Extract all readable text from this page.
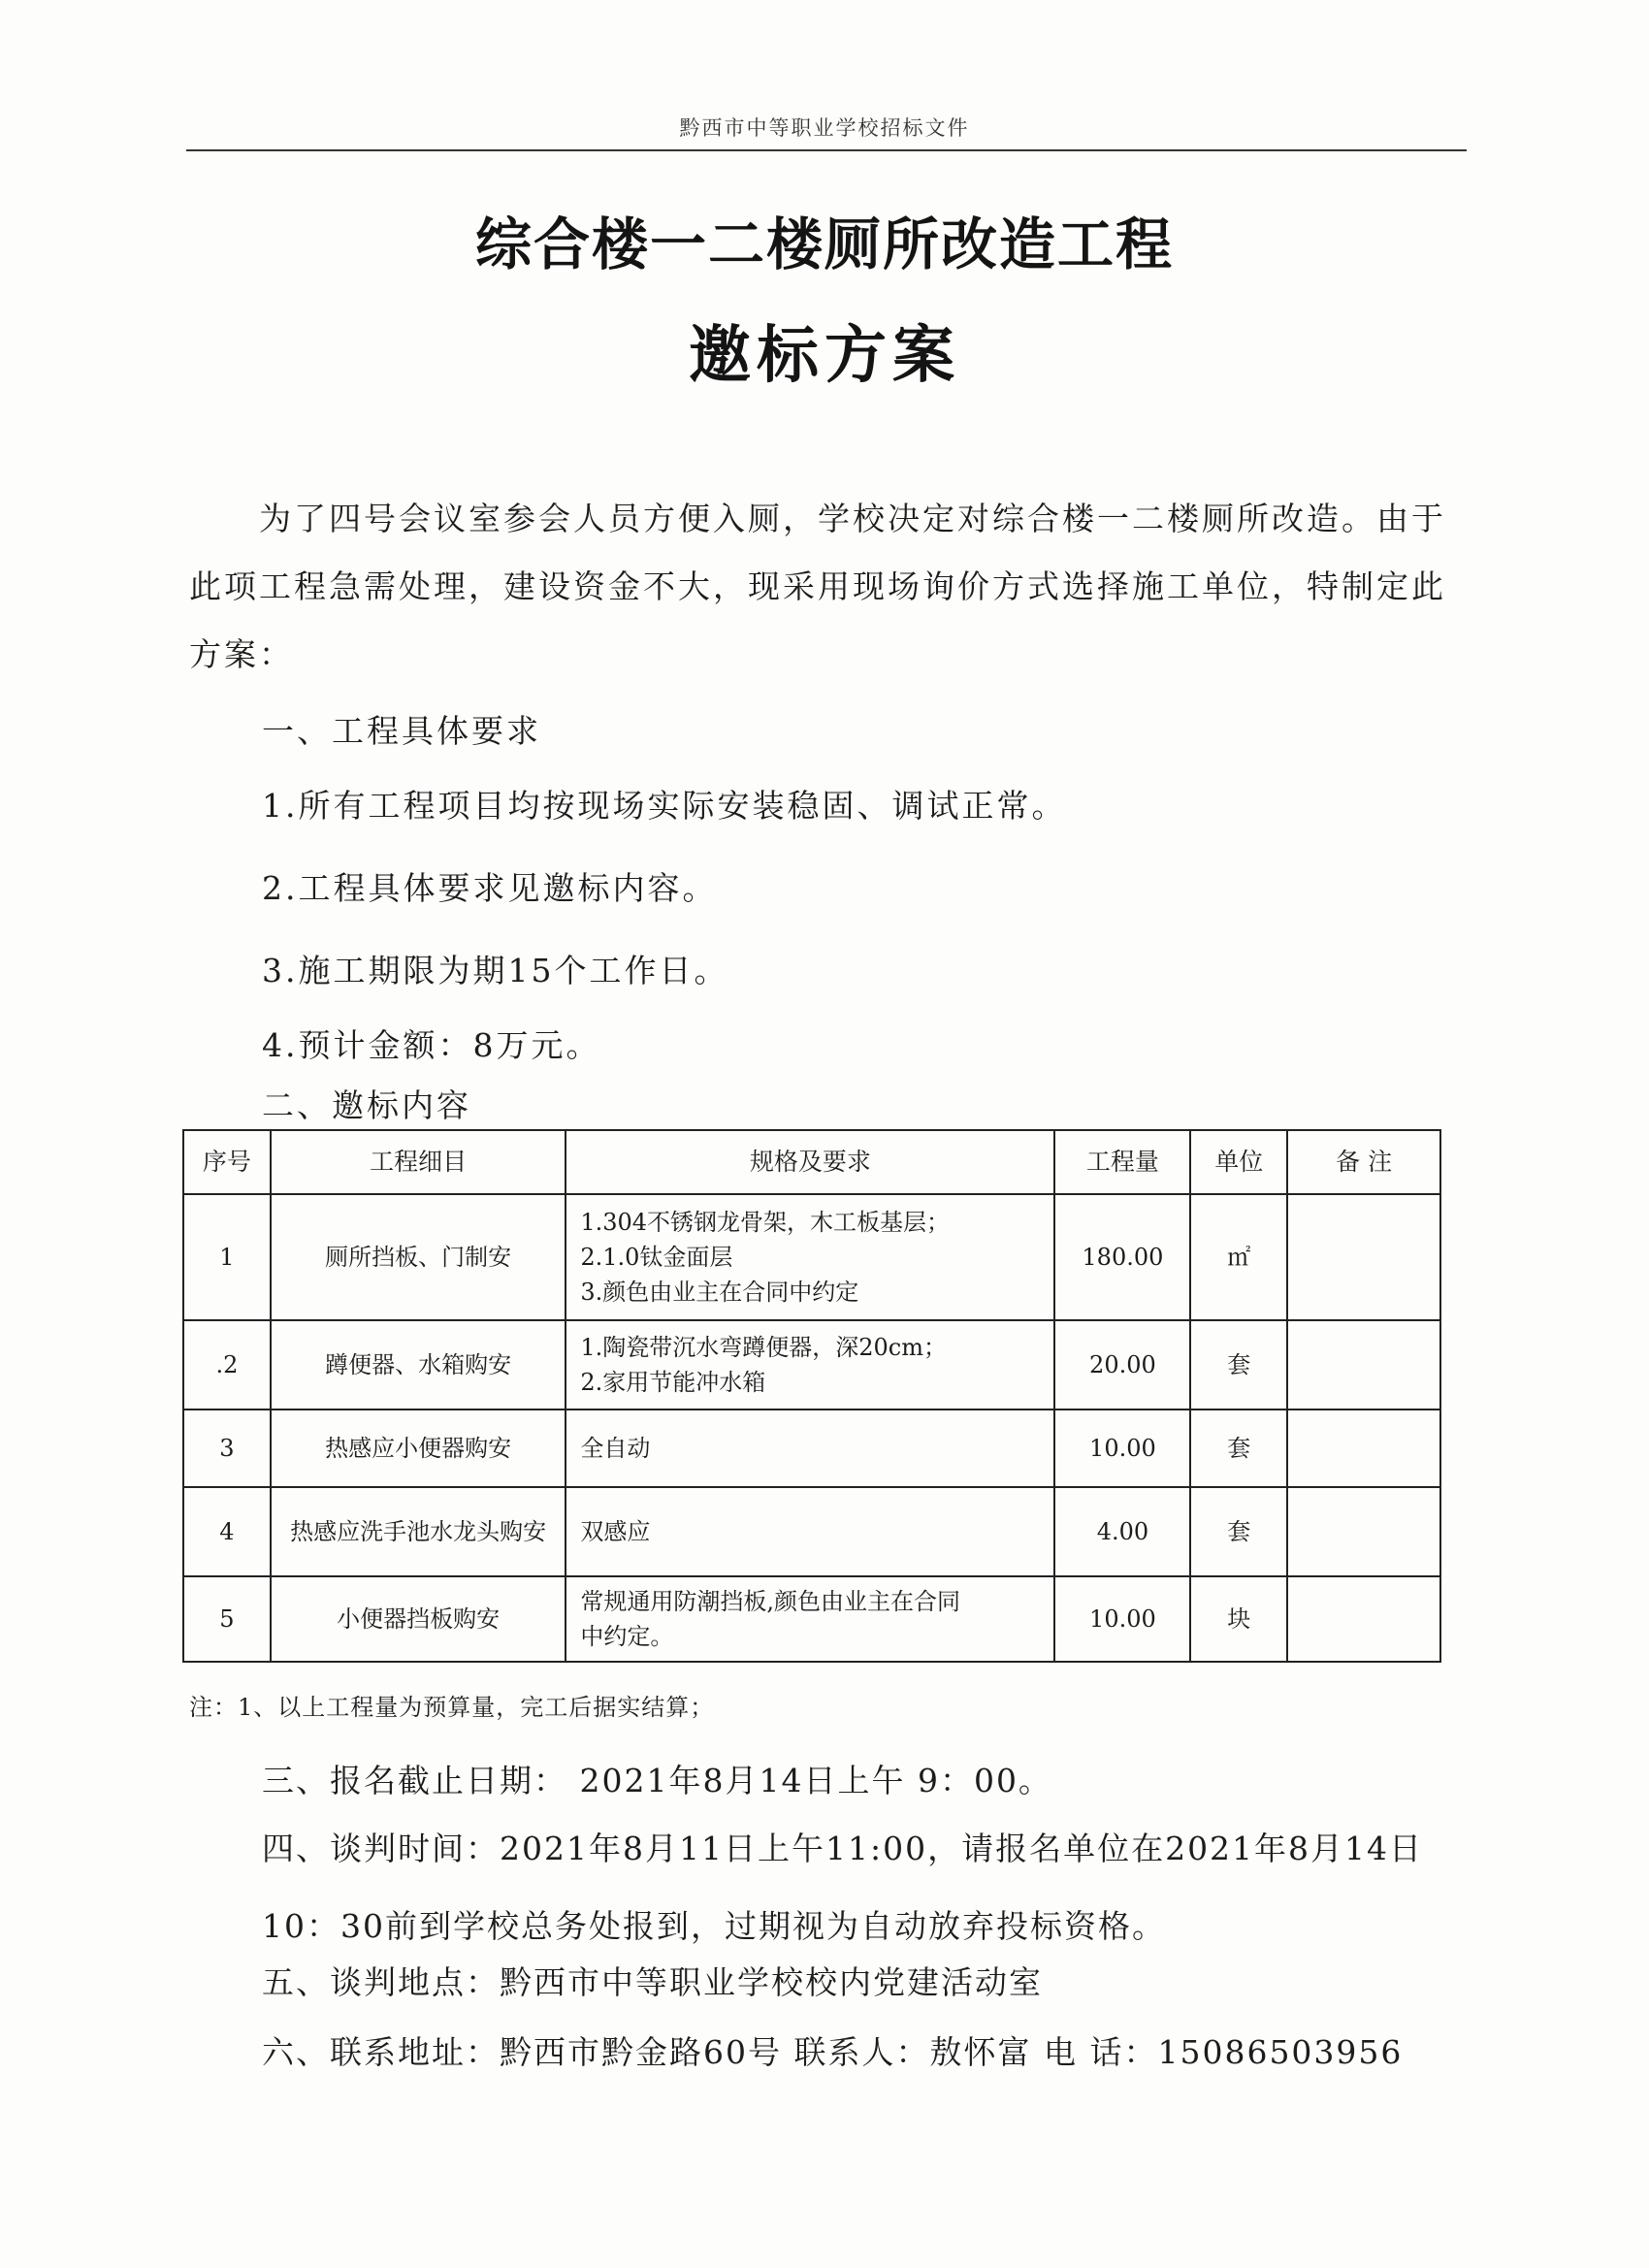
黔西市中等职业学校招标文件
综合楼一二楼厕所改造工程
邀标方案

为了四号会议室参会人员方便入厕，学校决定对综合楼一二楼厕所改造。由于此项工程急需处理，建设资金不大，现采用现场询价方式选择施工单位，特制定此方案：

一、工程具体要求
1.所有工程项目均按现场实际安装稳固、调试正常。
2.工程具体要求见邀标内容。
3.施工期限为期15个工作日。
4.预计金额：8万元。
二、邀标内容
序号	工程细目	规格及要求	工程量	单位	备 注
1	厕所挡板、门制安	1.304不锈钢龙骨架，木工板基层；
2.1.0钛金面层
3.颜色由业主在合同中约定	180.00	㎡	
.2	蹲便器、水箱购安	1.陶瓷带沉水弯蹲便器，深20cm；
2.家用节能冲水箱	20.00	套	
3	热感应小便器购安	全自动	10.00	套	
4	热感应洗手池水龙头购安	双感应	4.00	套	
5	小便器挡板购安	常规通用防潮挡板,颜色由业主在合同
中约定。	10.00	块	
注：1、以上工程量为预算量，完工后据实结算；
三、报名截止日期： 2021年8月14日上午 9：00。

四、谈判时间：2021年8月11日上午11:00，请报名单位在2021年8月14日10：30前到学校总务处报到，过期视为自动放弃投标资格。

五、谈判地点：黔西市中等职业学校校内党建活动室
六、联系地址：黔西市黔金路60号 联系人：敖怀富 电 话：15086503956
